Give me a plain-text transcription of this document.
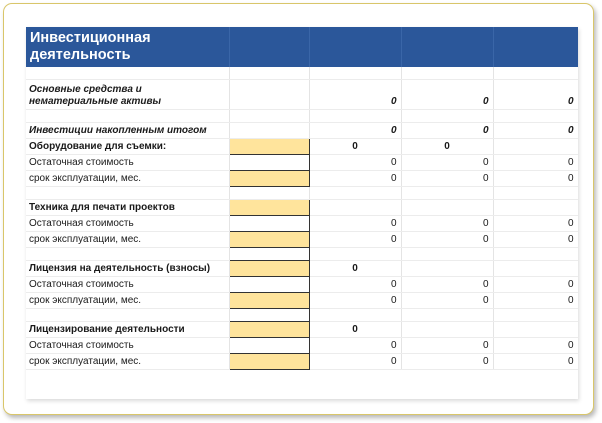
Инвестиционная деятельность				

Основные средства и нематериальные активы		0	0	0

Инвестиции накопленным итогом		0	0	0
Оборудование для съемки:		0	0	
Остаточная стоимость		0	0	0
срок эксплуатации, мес.		0	0	0

Техника для печати проектов				
Остаточная стоимость		0	0	0
срок эксплуатации, мес.		0	0	0

Лицензия на деятельность (взносы)		0		
Остаточная стоимость		0	0	0
срок эксплуатации, мес.		0	0	0

Лицензирование деятельности		0		
Остаточная стоимость		0	0	0
срок эксплуатации, мес.		0	0	0
